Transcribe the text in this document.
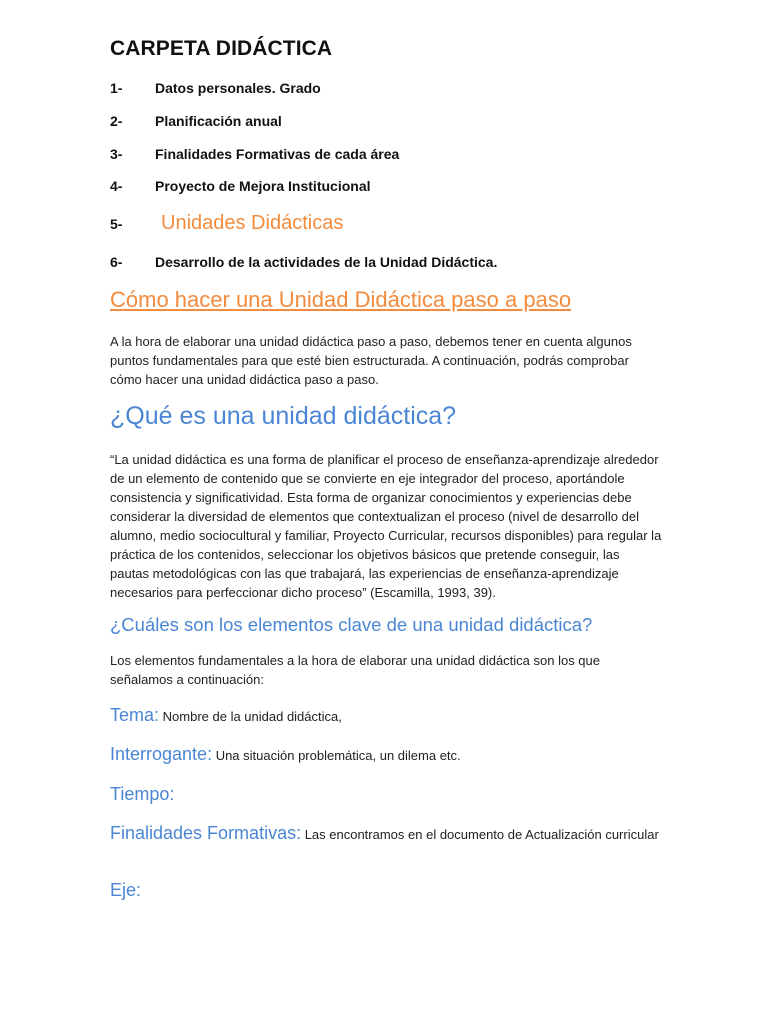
CARPETA DIDÁCTICA
1- Datos personales. Grado
2- Planificación anual
3- Finalidades Formativas de cada área
4- Proyecto de Mejora Institucional
5- Unidades Didácticas
6- Desarrollo de la actividades de la Unidad Didáctica.
Cómo hacer una Unidad Didáctica paso a paso
A la hora de elaborar una unidad didáctica paso a paso, debemos tener en cuenta algunos puntos fundamentales para que esté bien estructurada. A continuación, podrás comprobar cómo hacer una unidad didáctica paso a paso.
¿Qué es una unidad didáctica?
“La unidad didáctica es una forma de planificar el proceso de enseñanza-aprendizaje alrededor de un elemento de contenido que se convierte en eje integrador del proceso, aportándole consistencia y significatividad. Esta forma de organizar conocimientos y experiencias debe considerar la diversidad de elementos que contextualizan el proceso (nivel de desarrollo del alumno, medio sociocultural y familiar, Proyecto Curricular, recursos disponibles) para regular la práctica de los contenidos, seleccionar los objetivos básicos que pretende conseguir, las pautas metodológicas con las que trabajará, las experiencias de enseñanza-aprendizaje necesarios para perfeccionar dicho proceso” (Escamilla, 1993, 39).
¿Cuáles son los elementos clave de una unidad didáctica?
Los elementos fundamentales a la hora de elaborar una unidad didáctica son los que señalamos a continuación:
Tema: Nombre de la unidad didáctica,
Interrogante: Una situación problemática, un dilema etc.
Tiempo:
Finalidades Formativas: Las encontramos en el documento de Actualización curricular
Eje:
